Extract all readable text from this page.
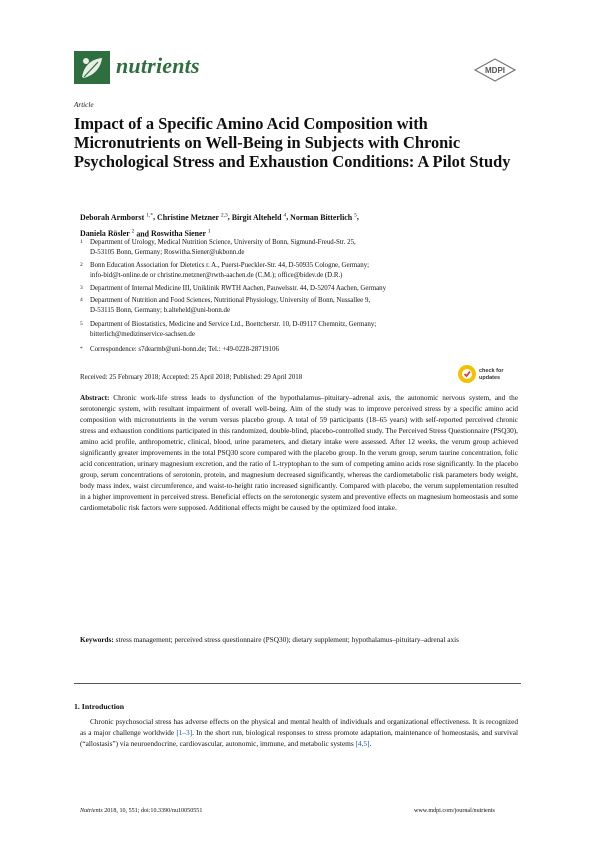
nutrients	MDPI
Article
Impact of a Specific Amino Acid Composition with Micronutrients on Well-Being in Subjects with Chronic Psychological Stress and Exhaustion Conditions: A Pilot Study
Deborah Armborst $^{1,*}$, Christine Metzner $^{2,3}$, Birgit Alteheld $^4$, Norman Bitterlich $^5$,
Daniela Rösler $^2$ and Roswitha Siener $^1$
1 Department of Urology, Medical Nutrition Science, University of Bonn, Sigmund-Freud-Str. 25,
D-53105 Bonn, Germany; Roswitha.Siener@ukbonn.de
2 Bonn Education Association for Dietetics r. A., Puerst-Pueckler-Str. 44, D-50935 Cologne, Germany;
info-bid@t-online.de or christine.metzner@rwth-aachen.de (C.M.); office@bidev.de (D.R.)
3 Department of Internal Medicine III, Uniklinik RWTH Aachen, Pauwelsstr. 44, D-52074 Aachen, Germany
4 Department of Nutrition and Food Sciences, Nutritional Physiology, University of Bonn, Nussallee 9,
D-53115 Bonn, Germany; b.alteheld@uni-bonn.de
5 Department of Biostatistics, Medicine and Service Ltd., Boettcherstr. 10, D-09117 Chemnitz, Germany;
bitterlich@medizinservice-sachsen.de
* Correspondence: s7dearmb@uni-bonn.de; Tel.: +49-0228-28719106
check for
updates
Received: 25 February 2018; Accepted: 25 April 2018; Published: 29 April 2018
Abstract: Chronic work-life stress leads to dysfunction of the hypothalamus–pituitary–adrenal axis, the autonomic nervous system, and the serotonergic system, with resultant impairment of overall well-being. Aim of the study was to improve perceived stress by a specific amino acid composition with micronutrients in the verum versus placebo group. A total of 59 participants (18–65 years) with self-reported perceived chronic stress and exhaustion conditions participated in this randomized, double-blind, placebo-controlled study. The Perceived Stress Questionnaire (PSQ30), amino acid profile, anthropometric, clinical, blood, urine parameters, and dietary intake were assessed. After 12 weeks, the verum group achieved significantly greater improvements in the total PSQ30 score compared with the placebo group. In the verum group, serum taurine concentration, folic acid concentration, urinary magnesium excretion, and the ratio of L-tryptophan to the sum of competing amino acids rose significantly. In the placebo group, serum concentrations of serotonin, protein, and magnesium decreased significantly, whereas the cardiometabolic risk parameters body weight, body mass index, waist circumference, and waist-to-height ratio increased significantly. Compared with placebo, the verum supplementation resulted in a higher improvement in perceived stress. Beneficial effects on the serotonergic system and preventive effects on magnesium homeostasis and some cardiometabolic risk factors were supposed. Additional effects might be caused by the optimized food intake.
Keywords: stress management; perceived stress questionnaire (PSQ30); dietary supplement; hypothalamus–pituitary–adrenal axis
1. Introduction
Chronic psychosocial stress has adverse effects on the physical and mental health of individuals and organizational effectiveness. It is recognized as a major challenge worldwide [1–3]. In the short run, biological responses to stress promote adaptation, maintenance of homeostasis, and survival (“allostasis”) via neuroendocrine, cardiovascular, autonomic, immune, and metabolic systems [4,5].
Nutrients 2018, 10, 551; doi:10.3390/nu10050551	www.mdpi.com/journal/nutrients
